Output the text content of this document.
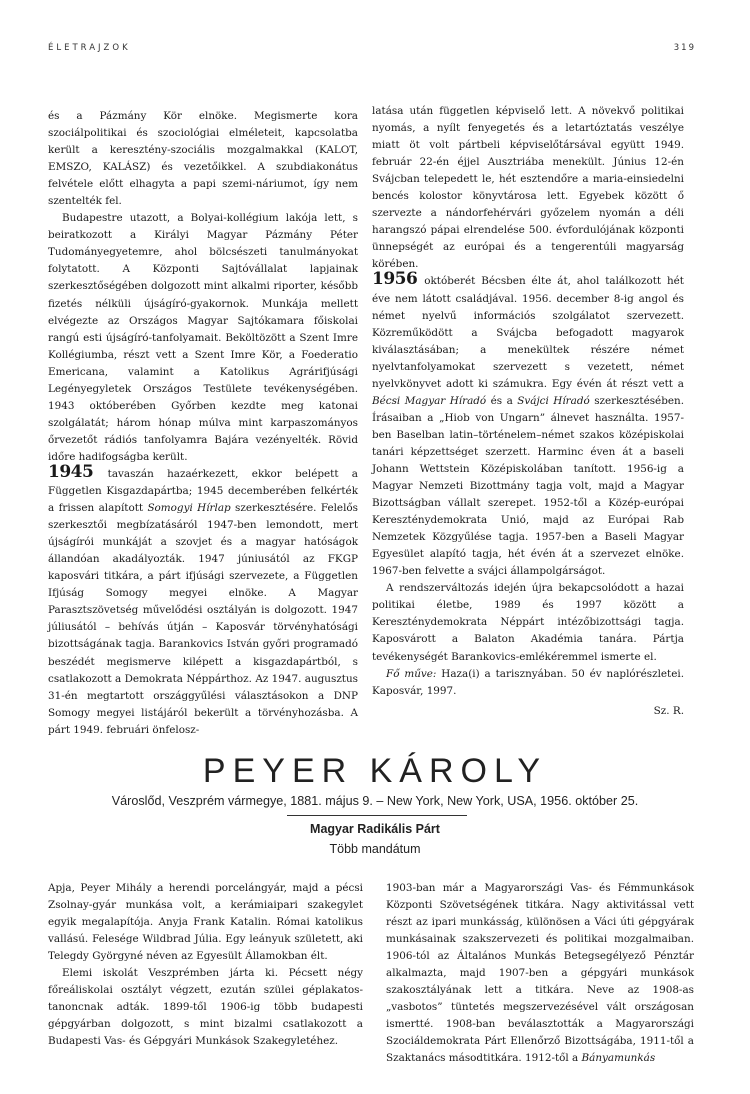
ÉLETRAJZOK	319

és a Pázmány Kör elnöke. Megismerte kora szociálpolitikai és szociológiai elméleteit, kapcsolatba került a keresztény-szociális mozgalmakkal (KALOT, EMSZO, KALÁSZ) és vezetőikkel. A szubdiakonátus felvétele előtt elhagyta a papi szemi-náriumot, így nem szentelték fel.

Budapestre utazott, a Bolyai-kollégium lakója lett, s beiratkozott a Királyi Magyar Pázmány Péter Tudományegyetemre, ahol bölcsészeti tanulmányokat folytatott. A Központi Sajtóvállalat lapjainak szerkesztőségében dolgozott mint alkalmi riporter, később fizetés nélküli újságíró-gyakornok. Munkája mellett elvégezte az Országos Magyar Sajtókamara főiskolai rangú esti újságíró-tanfolyamait. Beköltözött a Szent Imre Kollégiumba, részt vett a Szent Imre Kör, a Foederatio Emericana, valamint a Katolikus Agrárifjúsági Legényegyletek Országos Testülete tevékenységében. 1943 októberében Győrben kezdte meg katonai szolgálatát; három hónap múlva mint karpaszományos őrvezetőt rádiós tanfolyamra Bajára vezényelték. Rövid időre hadifogságba került.

1945 tavaszán hazaérkezett, ekkor belépett a Független Kisgazdapártba; 1945 decemberében felkérték a frissen alapított Somogyi Hírlap szerkesztésére. Felelős szerkesztői megbízatásáról 1947-ben lemondott, mert újságírói munkáját a szovjet és a magyar hatóságok állandóan akadályozták. 1947 júniusától az FKGP kaposvári titkára, a párt ifjúsági szervezete, a Független Ifjúság Somogy megyei elnöke. A Magyar Parasztszövetség művelődési osztályán is dolgozott. 1947 júliusától – behívás útján – Kaposvár törvényhatósági bizottságának tagja. Barankovics István győri programadó beszédét megismerve kilépett a kisgazdapártból, s csatlakozott a Demokrata Néppárthoz. Az 1947. augusztus 31-én megtartott országgyűlési választásokon a DNP Somogy megyei listájáról bekerült a törvényhozásba. A párt 1949. februári önfelosz-

latása után független képviselő lett. A növekvő politikai nyomás, a nyílt fenyegetés és a letartóztatás veszélye miatt öt volt pártbeli képviselőtársával együtt 1949. február 22-én éjjel Ausztriába menekült. Június 12-én Svájcban telepedett le, hét esztendőre a maria-einsiedelni bencés kolostor könyvtárosa lett. Egyebek között ő szervezte a nándorfehérvári győzelem nyomán a déli harangszó pápai elrendelése 500. évfordulójának központi ünnepségét az európai és a tengerentúli magyarság körében.

1956 októberét Bécsben élte át, ahol találkozott hét éve nem látott családjával. 1956. december 8-ig angol és német nyelvű információs szolgálatot szervezett. Közreműködött a Svájcba befogadott magyarok kiválasztásában; a menekültek részére német nyelvtanfolyamokat szervezett s vezetett, német nyelvkönyvet adott ki számukra. Egy évén át részt vett a Bécsi Magyar Híradó és a Svájci Híradó szerkesztésében. Írásaiban a „Hiob von Ungarn” álnevet használta. 1957-ben Baselban latin–történelem–német szakos középiskolai tanári képzettséget szerzett. Harminc éven át a baseli Johann Wettstein Középiskolában tanított. 1956-ig a Magyar Nemzeti Bizottmány tagja volt, majd a Magyar Bizottságban vállalt szerepet. 1952-től a Közép-európai Kereszténydemokrata Unió, majd az Európai Rab Nemzetek Közgyűlése tagja. 1957-ben a Baseli Magyar Egyesület alapító tagja, hét évén át a szervezet elnöke. 1967-ben felvette a svájci állampolgárságot.

A rendszerváltozás idején újra bekapcsolódott a hazai politikai életbe, 1989 és 1997 között a Kereszténydemokrata Néppárt intézőbizottsági tagja. Kaposvárott a Balaton Akadémia tanára. Pártja tevékenységét Barankovics-emlékéremmel ismerte el.

Fő műve: Haza(i) a tarisznyában. 50 év naplórészletei. Kaposvár, 1997.

Sz. R.

PEYER KÁROLY
Városlőd, Veszprém vármegye, 1881. május 9. – New York, New York, USA, 1956. október 25.
Magyar Radikális Párt
Több mandátum

Apja, Peyer Mihály a herendi porcelángyár, majd a pécsi Zsolnay-gyár munkása volt, a kerámiaipari szakegylet egyik megalapítója. Anyja Frank Katalin. Római katolikus vallású. Felesége Wildbrad Júlia. Egy leányuk született, aki Telegdy Györgyné néven az Egyesült Államokban élt.

Elemi iskolát Veszprémben járta ki. Pécsett négy főreáliskolai osztályt végzett, ezután szülei géplakatos-tanoncnak adták. 1899-től 1906-ig több budapesti gépgyárban dolgozott, s mint bizalmi csatlakozott a Budapesti Vas- és Gépgyári Munkások Szakegyletéhez.

1903-ban már a Magyarországi Vas- és Fémmunkások Központi Szövetségének titkára. Nagy aktivitással vett részt az ipari munkásság, különösen a Váci úti gépgyárak munkásainak szakszervezeti és politikai mozgalmaiban. 1906-tól az Általános Munkás Betegsegélyező Pénztár alkalmazta, majd 1907-ben a gépgyári munkások szakosztályának lett a titkára. Neve az 1908-as „vasbotos” tüntetés megszervezésével vált országosan ismertté. 1908-ban beválasztották a Magyarországi Szociáldemokrata Párt Ellenőrző Bizottságába, 1911-től a Szaktanács másodtitkára. 1912-től a Bányamunkás
